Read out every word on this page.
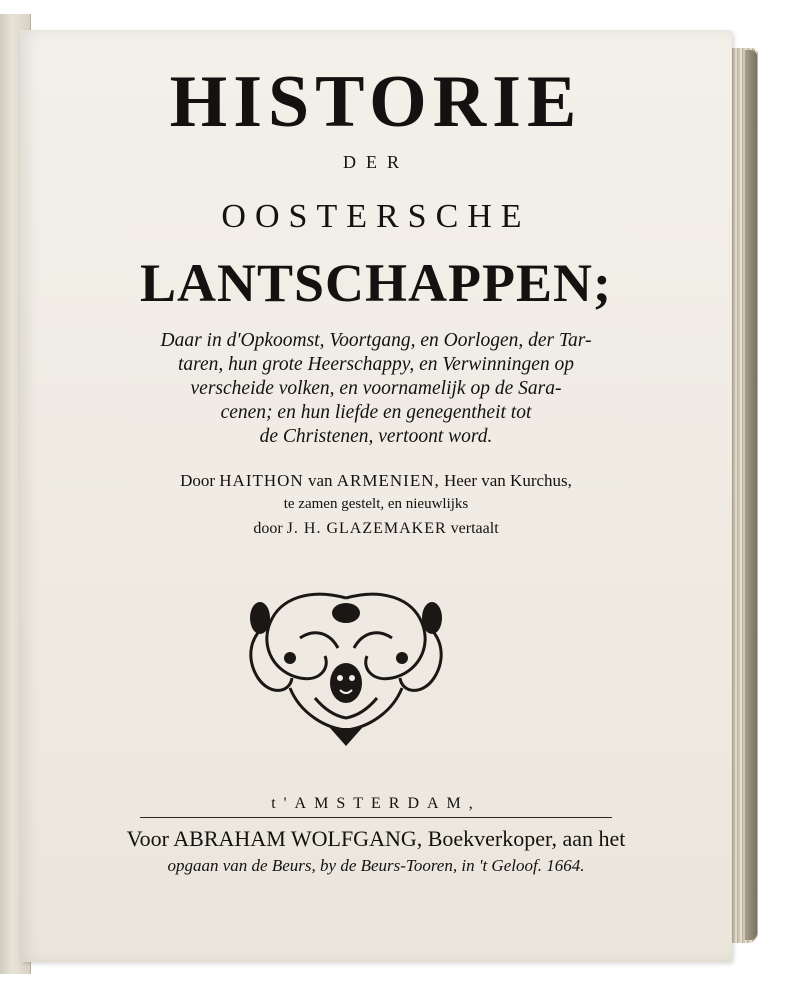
HISTORIE
DER
OOSTERSCHE
LANTSCHAPPEN;
Daar in d'Opkoomst, Voortgang, en Oorlogen, der Tar-
taren, hun grote Heerschappy, en Verwinningen op
verscheide volken, en voornamelijk op de Sara-
cenen; en hun liefde en genegentheit tot
de Christenen, vertoont word.
Door HAITHON van ARMENIEN, Heer van Kurchus,
te zamen gestelt, en nieuwlijks
door J. H. GLAZEMAKER vertaalt
t'AMSTERDAM,
Voor ABRAHAM WOLFGANG, Boekverkoper, aan het
opgaan van de Beurs, by de Beurs-Tooren, in 't Geloof. 1664.
